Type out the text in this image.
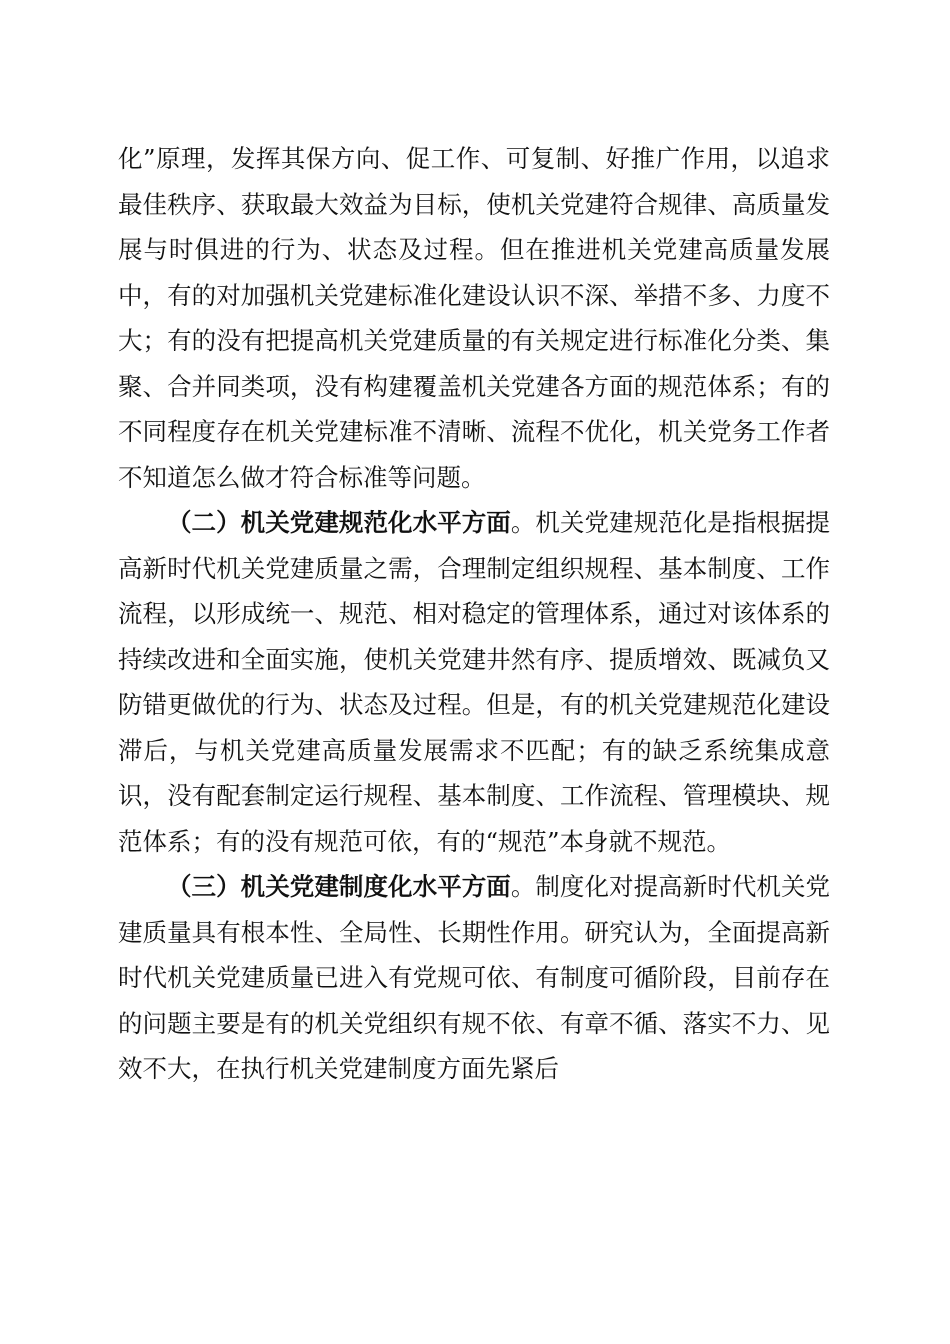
化”原理，发挥其保方向、促工作、可复制、好推广作用，以追求最佳秩序、获取最大效益为目标，使机关党建符合规律、高质量发展与时俱进的行为、状态及过程。但在推进机关党建高质量发展中，有的对加强机关党建标准化建设认识不深、举措不多、力度不大；有的没有把提高机关党建质量的有关规定进行标准化分类、集聚、合并同类项，没有构建覆盖机关党建各方面的规范体系；有的不同程度存在机关党建标准不清晰、流程不优化，机关党务工作者不知道怎么做才符合标准等问题。

（二）机关党建规范化水平方面。机关党建规范化是指根据提高新时代机关党建质量之需，合理制定组织规程、基本制度、工作流程，以形成统一、规范、相对稳定的管理体系，通过对该体系的持续改进和全面实施，使机关党建井然有序、提质增效、既减负又防错更做优的行为、状态及过程。但是，有的机关党建规范化建设滞后，与机关党建高质量发展需求不匹配；有的缺乏系统集成意识，没有配套制定运行规程、基本制度、工作流程、管理模块、规范体系；有的没有规范可依，有的“规范”本身就不规范。

（三）机关党建制度化水平方面。制度化对提高新时代机关党建质量具有根本性、全局性、长期性作用。研究认为，全面提高新时代机关党建质量已进入有党规可依、有制度可循阶段，目前存在的问题主要是有的机关党组织有规不依、有章不循、落实不力、见效不大，在执行机关党建制度方面先紧后
